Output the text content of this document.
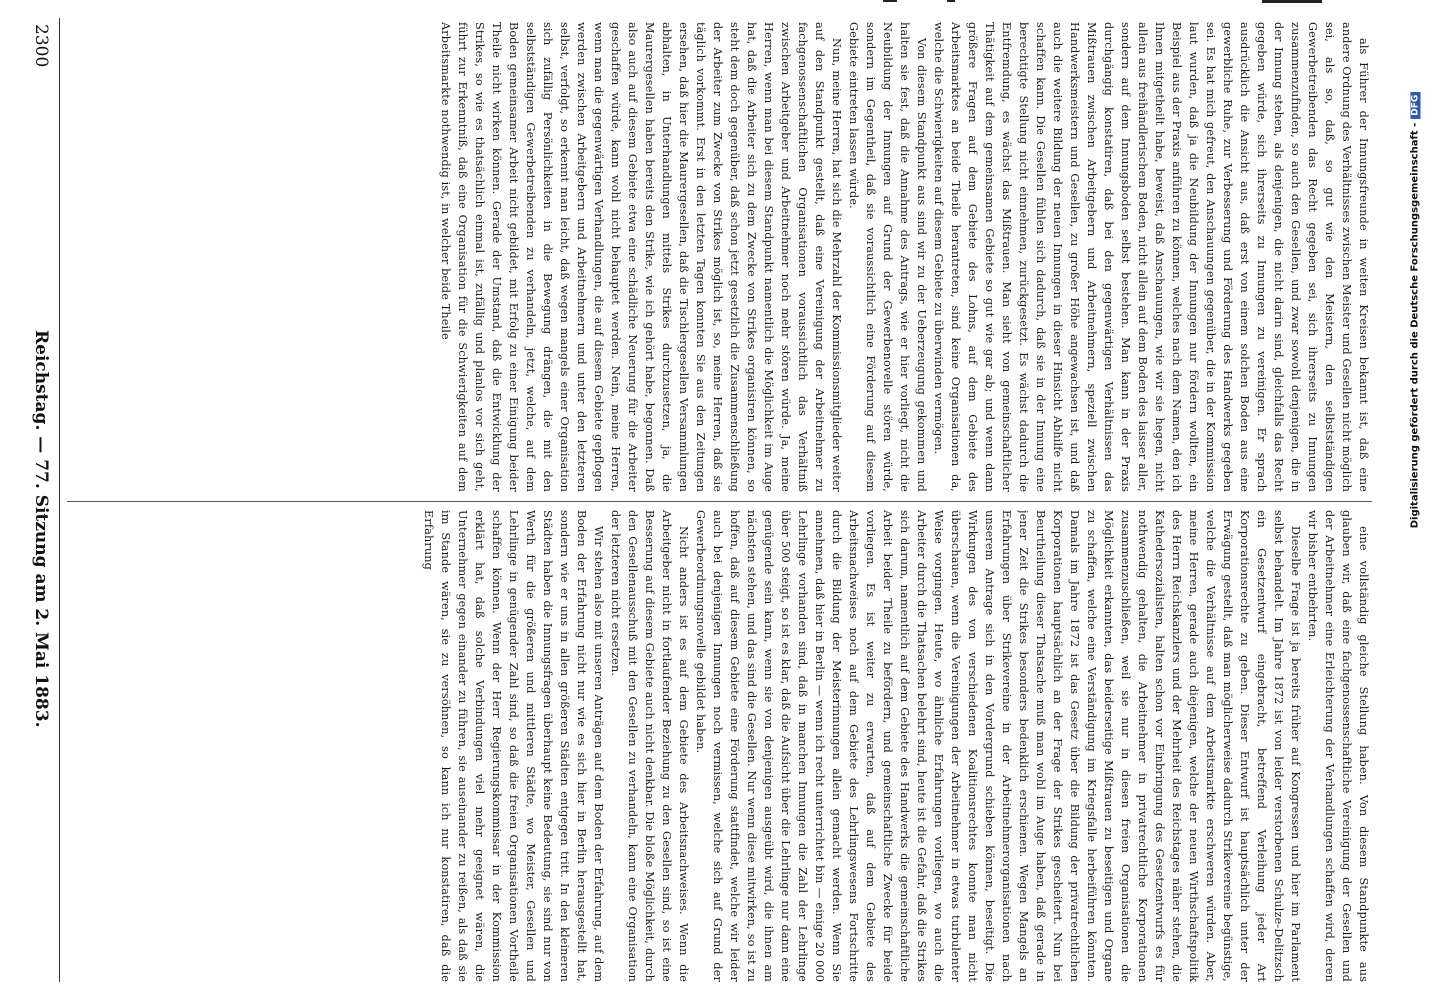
2300
Reichstag. — 77. Sitzung am 2. Mai 1883.

als Führer der Innungsfreunde in weiten Kreisen bekannt ist, daß eine andere Ordnung des Verhältnisses zwischen Meister und Gesellen nicht möglich sei, als so, daß, so gut wie den Meistern, den selbstständigen Gewerbetreibenden das Recht gegeben sei, sich ihrerseits zu Innungen zusammenzufinden, so auch den Gesellen, und zwar sowohl denjenigen, die in der Innung stehen, als denjenigen, die nicht darin sind, gleichfalls das Recht gegeben würde, sich ihrerseits zu Innungen zu vereinigen. Er sprach ausdrücklich die Ansicht aus, daß erst von einem solchen Boden aus eine gewerbliche Ruhe, zur Verbesserung und Förderung des Handwerks gegeben sei. Es hat mich gefreut, den Anschauungen gegenüber, die in der Kommission laut wurden, daß ja die Neubildung der Innungen nur fördern wollten, ein Beispiel aus der Praxis anführen zu können, welches nach dem Namen, den ich Ihnen mitgetheilt habe, beweist, daß Anschauungen, wie wir sie hegen, nicht allein aus freihändlerischem Boden, nicht allein auf dem Boden des laisser aller, sondern auf dem Innungsboden selbst bestehen. Man kann in der Praxis durchgängig konstatiren, daß bei den gegenwärtigen Verhältnissen das Mißtrauen zwischen Arbeitgebern und Arbeitnehmern, speziell zwischen Handwerksmeistern und Gesellen, zu großer Höhe angewachsen ist, und daß auch die weitere Bildung der neuen Innungen in dieser Hinsicht Abhilfe nicht schaffen kann. Die Gesellen fühlen sich dadurch, daß sie in der Innung eine berechtigte Stellung nicht einnehmen, zurückgesetzt. Es wächst dadurch die Entfremdung, es wächst das Mißtrauen. Man sieht von gemeinschaftlicher Thätigkeit auf dem gemeinsamen Gebiete so gut wie gar ab; und wenn dann größere Fragen auf dem Gebiete des Lohns, auf dem Gebiete des Arbeitsmarktes an beide Theile herantreten, sind keine Organisationen da, welche die Schwierigkeiten auf diesem Gebiete zu überwinden vermögen.

Von diesem Standpunkt aus sind wir zu der Ueberzeugung gekommen und halten sie fest, daß die Annahme des Antrags, wie er hier vorliegt, nicht die Neubildung der Innungen auf Grund der Gewerbenovelle stören würde, sondern im Gegentheil, daß sie voraussichtlich eine Förderung auf diesem Gebiete eintreten lassen würde.

Nun, meine Herren, hat sich die Mehrzahl der Kommissionsmitglieder weiter auf den Standpunkt gestellt, daß eine Vereinigung der Arbeitnehmer zu fachgenossenschaftlichen Organisationen voraussichtlich das Verhältniß zwischen Arbeitgeber und Arbeitnehmer noch mehr stören würde. Ja, meine Herren, wenn man bei diesem Standpunkt namentlich die Möglichkeit im Auge hat, daß die Arbeiter sich zu dem Zwecke von Strikes organisiren können, so steht dem doch gegenüber, daß schon jetzt gesetzlich die Zusammenschließung der Arbeiter zum Zwecke von Strikes möglich ist, so, meine Herren, daß sie täglich vorkommt. Erst in den letzten Tagen konnten Sie aus den Zeitungen ersehen, daß hier die Maurergesellen, daß die Tischlergesellen Versammlungen abhalten, in Unterhandlungen mittels Strikes durchzusetzen, ja, die Maurergesellen haben bereits den Strike, wie ich gehört habe, begonnen. Daß also auch auf diesem Gebiete etwa eine schädliche Neuerung für die Arbeiter geschaffen würde, kann wohl nicht behauptet werden. Nein, meine Herren, wenn man die gegenwärtigen Verhandlungen, die auf diesem Gebiete gepflogen werden zwischen Arbeitgebern und Arbeitnehmern und unter den letzteren selbst, verfolgt, so erkennt man leicht, daß wegen mangels einer Organisation sich zufällig Persönlichkeiten in die Bewegung drängen, die mit den selbstständigen Gewerbetreibenden zu verhandeln, jetzt, welche, auf dem Boden gemeinsamer Arbeit nicht gebildet, mit Erfolg zu einer Einigung beider Theile nicht wirken können. Gerade der Umstand, daß die Entwicklung der Strikes, so wie es thatsächlich einmal ist, zufällig und planlos vor sich geht, führt zur Erkenntniß, daß eine Organisation für die Schwierigkeiten auf dem Arbeitsmarkte nothwendig ist, in welcher beide Theile

eine vollständig gleiche Stellung haben. Von diesem Standpunkte aus glauben wir, daß eine fachgenossenschaftliche Vereinigung der Gesellen und der Arbeitnehmer eine Erleichterung der Verhandlungen schaffen wird, deren wir bisher entbehrten.

Dieselbe Frage ist ja bereits früher auf Kongressen und hier im Parlament selbst behandelt. Im Jahre 1872 ist von leider verstorbenen Schulze-Delitzsch ein Gesetzentwurf eingebracht, betreffend Verleihung jeder Art Korporationsrechte zu geben. Dieser Entwurf ist hauptsächlich unter der Erwägung gestellt, daß man möglicherweise dadurch Strikevereine begünstige, welche die Verhältnisse auf dem Arbeitsmarkte erschweren würden. Aber, meine Herren, gerade auch diejenigen, welche der neuen Wirthschaftspolitik des Herrn Reichskanzlers und der Mehrheit des Reichstages näher stehen, die Kathedersozialisten, halten schon vor Einbringung des Gesetzentwurfs es für nothwendig gehalten, die Arbeitnehmer in privatrechtliche Korporationen zusammenzuschließen, weil sie nur in diesen freien Organisationen die Möglichkeit erkannten, das beiderseitige Mißtrauen zu beseitigen und Organe zu schaffen, welche eine Verständigung im Kriegsfalle herbeiführen könnten. Damals im Jahre 1872 ist das Gesetz über die Bildung der privatrechtlichen Korporationen hauptsächlich an der Frage der Strikes gescheitert. Nun bei Beurtheilung dieser Thatsache muß man wohl im Auge haben, daß gerade in jener Zeit die Strikes besonders bedenklich erschienen. Wegen Mangels an Erfahrungen über Strikevereine in der Arbeitnehmerorganisationen nach unserem Antrage sich in den Vordergrund schieben können, beseitigt. Die Wirkungen des von verschiedenen Koalitionsrechtes konnte man nicht überschauen, wenn die Vereinigungen der Arbeitnehmer in etwas turbulenter Weise vorgingen. Heute, wo ähnliche Erfahrungen vorliegen, wo auch die Arbeiter durch die Thatsachen belehrt sind, heute ist die Gefahr, daß die Strikes sich darum, namentlich auf dem Gebiete des Handwerks die gemeinschaftliche Arbeit beider Theile zu befördern, und gemeinschaftliche Zwecke für beide vorliegen. Es ist weiter zu erwarten, daß auf dem Gebiete des Arbeitsnachweises noch auf dem Gebiete des Lehrlingswesens Fortschritte durch die Bildung der Meisterinnungen allein gemacht werden. Wenn Sie annehmen, daß hier in Berlin — wenn ich recht unterrichtet bin — einige 20 000 Lehrlinge vorhanden sind, daß in manchen Innungen die Zahl der Lehrlinge über 500 steigt, so ist es klar, daß die Aufsicht über die Lehrlinge nur dann eine genügende sein kann, wenn sie von denjenigen ausgeübt wird, die ihnen am nächsten stehen, und das sind die Gesellen. Nur wenn diese mitwirken, so ist zu hoffen, daß auf diesem Gebiete eine Förderung stattfindet, welche wir leider auch bei denjenigen Innungen noch vermissen, welche sich auf Grund der Gewerbeordnungsnovelle gebildet haben.

Nicht anders ist es auf dem Gebiete des Arbeitsnachweises. Wenn die Arbeitgeber nicht in fortlaufender Beziehung zu den Gesellen sind, so ist eine Besserung auf diesem Gebiete auch nicht denkbar. Die bloße Möglichkeit, durch den Gesellenausschuß mit den Gesellen zu verhandeln, kann eine Organisation der letzteren nicht ersetzen.

Wir stehen also mit unseren Anträgen auf dem Boden der Erfahrung, auf dem Boden der Erfahrung nicht nur wie es sich hier in Berlin herausgestellt hat, sondern wie er uns in allen größeren Städten entgegen tritt. In den kleineren Städten haben die Innungsfragen überhaupt keine Bedeutung, sie sind nur von Werth für die größeren und mittleren Städte, wo Meister, Gesellen und Lehrlinge in genügender Zahl sind, so daß die freien Organisationen Vortheile schaffen können. Wenn der Herr Regierungskommissar in der Kommission erklärt hat, daß solche Verbindungen viel mehr geeignet wären, die Unternehmer gegen einander zu führen, sie auseinander zu reißen, als daß sie im Stande wären, sie zu versöhnen, so kann ich nur konstatiren, daß die Erfahrung

Digitalisierung gefördert durch die Deutsche Forschungsgemeinschaft -DFG
